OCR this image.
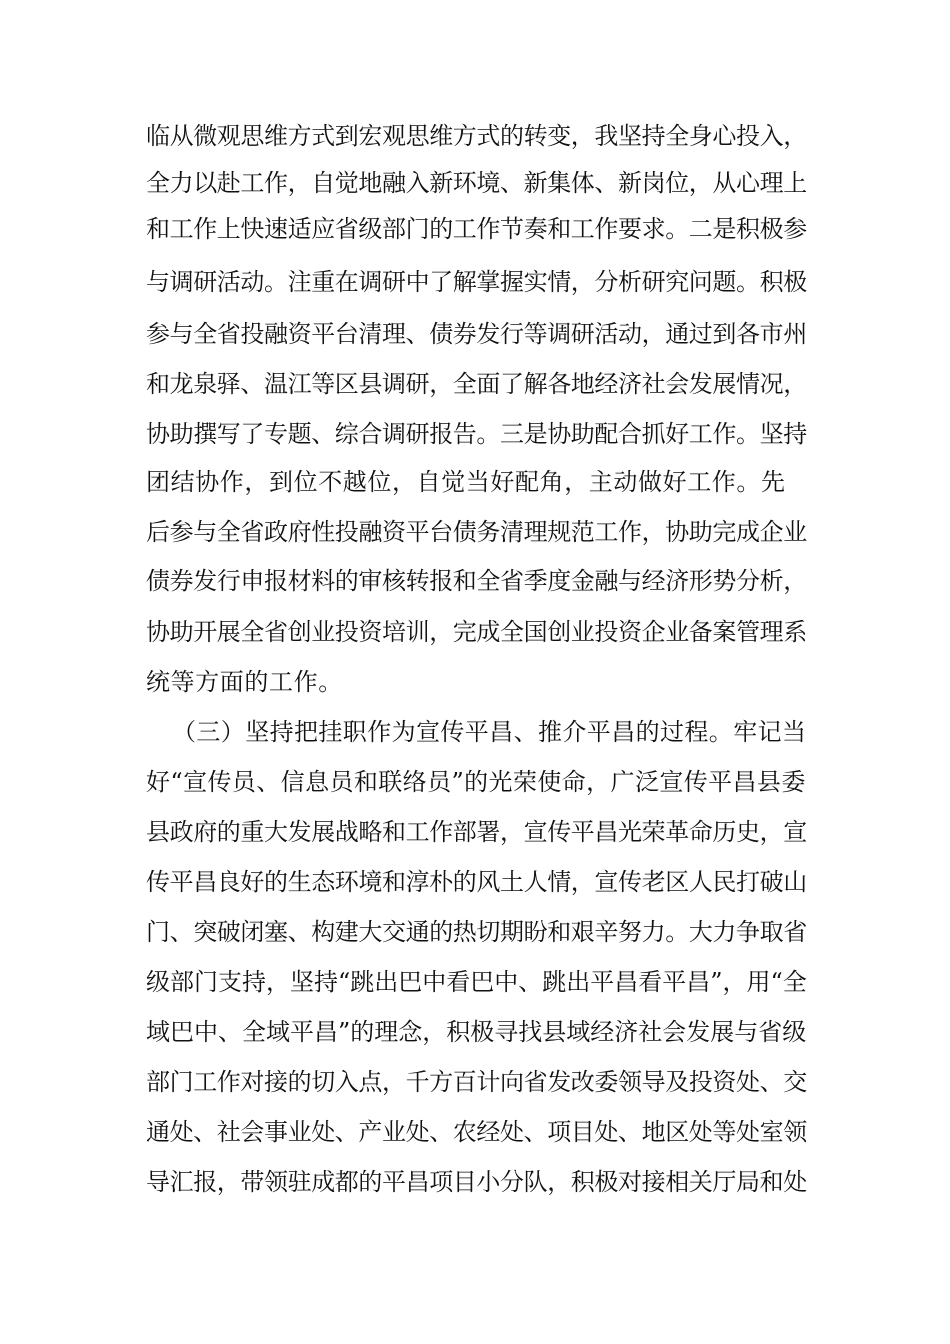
临从微观思维方式到宏观思维方式的转变，我坚持全身心投入，

全力以赴工作，自觉地融入新环境、新集体、新岗位，从心理上

和工作上快速适应省级部门的工作节奏和工作要求。二是积极参

与调研活动。注重在调研中了解掌握实情，分析研究问题。积极

参与全省投融资平台清理、债券发行等调研活动，通过到各市州

和龙泉驿、温江等区县调研，全面了解各地经济社会发展情况，

协助撰写了专题、综合调研报告。三是协助配合抓好工作。坚持

团结协作，到位不越位，自觉当好配角，主动做好工作。先

后参与全省政府性投融资平台债务清理规范工作，协助完成企业

债券发行申报材料的审核转报和全省季度金融与经济形势分析，

协助开展全省创业投资培训，完成全国创业投资企业备案管理系

统等方面的工作。

（三）坚持把挂职作为宣传平昌、推介平昌的过程。牢记当

好“宣传员、信息员和联络员”的光荣使命，广泛宣传平昌县委

县政府的重大发展战略和工作部署，宣传平昌光荣革命历史，宣

传平昌良好的生态环境和淳朴的风土人情，宣传老区人民打破山

门、突破闭塞、构建大交通的热切期盼和艰辛努力。大力争取省

级部门支持，坚持“跳出巴中看巴中、跳出平昌看平昌”，用“全

域巴中、全域平昌”的理念，积极寻找县域经济社会发展与省级

部门工作对接的切入点，千方百计向省发改委领导及投资处、交

通处、社会事业处、产业处、农经处、项目处、地区处等处室领

导汇报，带领驻成都的平昌项目小分队，积极对接相关厅局和处
